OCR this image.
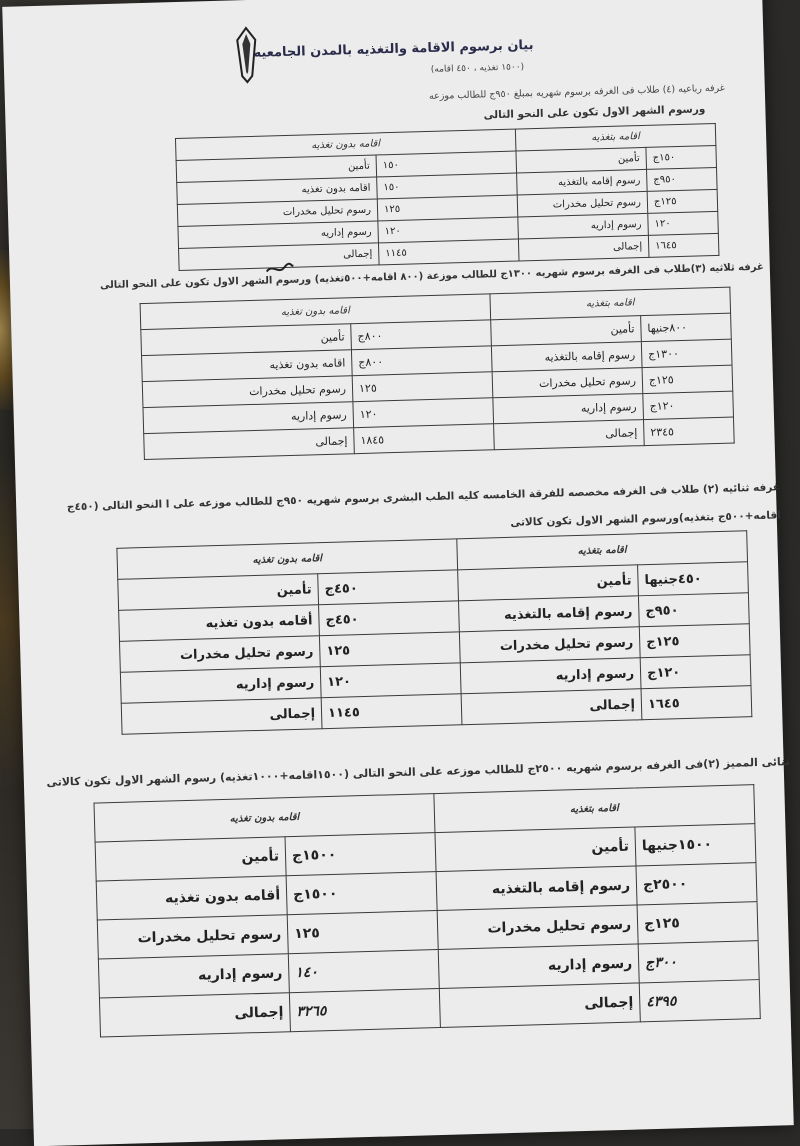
بيان برسوم الاقامة والتغذيه بالمدن الجامعيه
(١٥٠٠ تغذيه ، ٤٥٠ اقامه)
غرفه رباعيه (٤) طلاب فى الغرفه برسوم شهريه بمبلغ ٩٥٠ج للطالب موزعه
ورسوم الشهر الاول تكون على النحو التالى
اقامه بتغذيه		اقامه بدون تغذيه	
١٥٠ج	تأمين	١٥٠	تأمين
٩٥٠ج	رسوم إقامه بالتغذيه	١٥٠	اقامه بدون تغذيه
١٢٥ج	رسوم تحليل مخدرات	١٢٥	رسوم تحليل مخدرات
١٢٠	رسوم إداريه	١٢٠	رسوم إداريه
١٦٤٥	إجمالى	١١٤٥	إجمالى
غرفه ثلاثيه (٣)طلاب فى الغرفه برسوم شهريه ١٣٠٠ج للطالب موزعة (٨٠٠ اقامه+٥٠٠تغذيه) ورسوم الشهر الاول تكون على النحو التالى
اقامه بتغذيه		اقامه بدون تغذيه	
٨٠٠جنيها	تأمين	٨٠٠ج	تأمين
١٣٠٠ج	رسوم إقامه بالتغذيه	٨٠٠ج	اقامه بدون تغذيه
١٢٥ج	رسوم تحليل مخدرات	١٢٥	رسوم تحليل مخدرات
١٢٠ج	رسوم إداريه	١٢٠	رسوم إداريه
٢٣٤٥	إجمالى	١٨٤٥	إجمالى
غرفه ثنائيه (٢) طلاب فى الغرفه مخصصه للفرقة الخامسه كليه الطب البشرى برسوم شهريه ٩٥٠ج للطالب موزعه على ا النحو التالى (٤٥٠ج
اقامه+٥٠٠ج بتغذيه)ورسوم الشهر الاول تكون كالاتى
اقامه بتغذيه		اقامه بدون تغذيه	
٤٥٠جنيها	تأمين	٤٥٠ج	تأمين
٩٥٠ج	رسوم إقامه بالتغذيه	٤٥٠ج	أقامه بدون تغذيه
١٢٥ج	رسوم تحليل مخدرات	١٢٥	رسوم تحليل مخدرات
١٢٠ج	رسوم إداريه	١٢٠	رسوم إداريه
١٦٤٥	إجمالى	١١٤٥	إجمالى
ثنائى المميز (٢)فى الغرفه برسوم شهريه ٢٥٠٠ج للطالب موزعه على النحو التالى (١٥٠٠اقامه+١٠٠٠تغذيه) رسوم الشهر الاول تكون كالاتى
اقامه بتغذيه		اقامه بدون تغذيه	
١٥٠٠جنيها	تأمين	١٥٠٠ج	تأمين
٢٥٠٠ج	رسوم إقامه بالتغذيه	١٥٠٠ج	أقامه بدون تغذيه
١٢٥ج	رسوم تحليل مخدرات	١٢٥	رسوم تحليل مخدرات
٣٠٠ج	رسوم إداريه	١٤٠	رسوم إداريه
٤٣٩٥	إجمالى	٣٢٦٥	إجمالى
